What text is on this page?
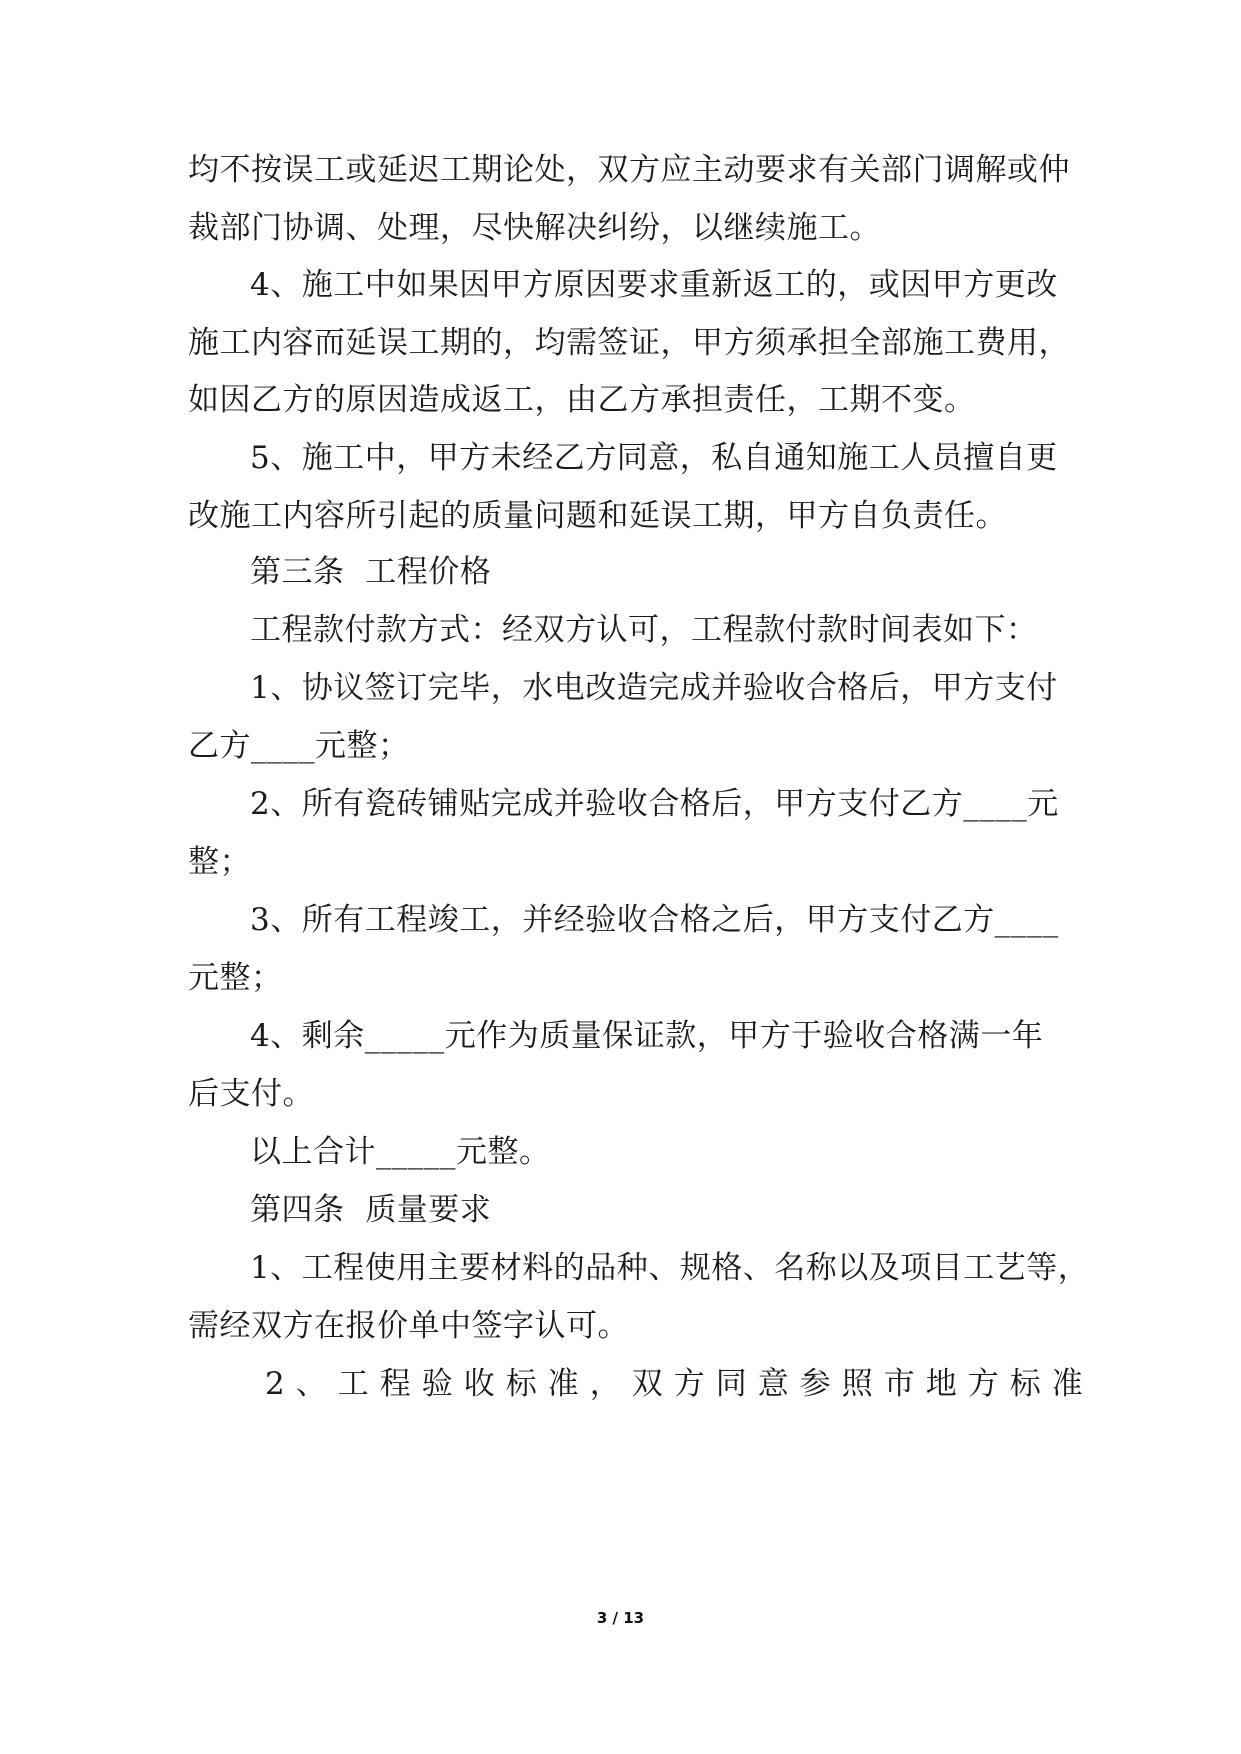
均不按误工或延迟工期论处，双方应主动要求有关部门调解或仲
裁部门协调、处理，尽快解决纠纷，以继续施工。
4、施工中如果因甲方原因要求重新返工的，或因甲方更改
施工内容而延误工期的，均需签证，甲方须承担全部施工费用，
如因乙方的原因造成返工，由乙方承担责任，工期不变。
5、施工中，甲方未经乙方同意，私自通知施工人员擅自更
改施工内容所引起的质量问题和延误工期，甲方自负责任。
第三条  工程价格
工程款付款方式：经双方认可，工程款付款时间表如下：
1、协议签订完毕，水电改造完成并验收合格后，甲方支付
乙方____元整；
2、所有瓷砖铺贴完成并验收合格后，甲方支付乙方____元
整；
3、所有工程竣工，并经验收合格之后，甲方支付乙方____
元整；
4、剩余_____元作为质量保证款，甲方于验收合格满一年
后支付。
以上合计_____元整。
第四条  质量要求
1、工程使用主要材料的品种、规格、名称以及项目工艺等，
需经双方在报价单中签字认可。
2、工程验收标准，双方同意参照市地方标准
3 / 13
